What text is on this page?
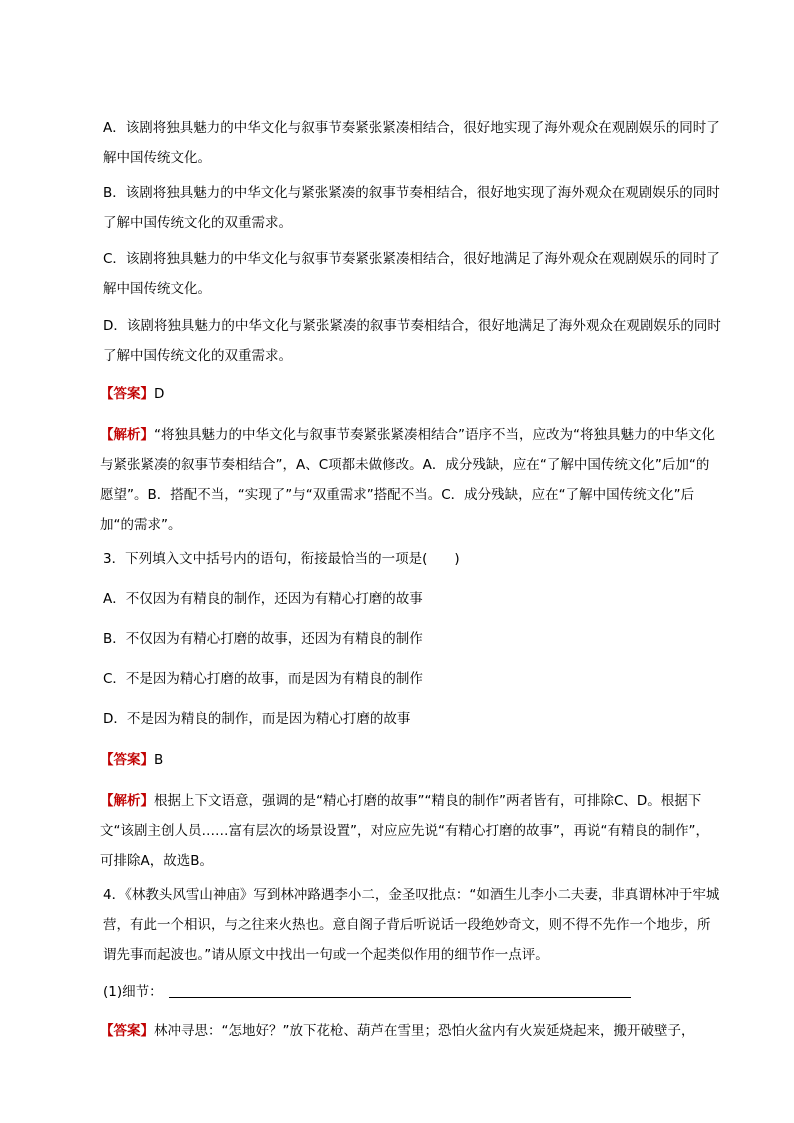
A．该剧将独具魅力的中华文化与叙事节奏紧张紧凑相结合，很好地实现了海外观众在观剧娱乐的同时了解中国传统文化。

B．该剧将独具魅力的中华文化与紧张紧凑的叙事节奏相结合，很好地实现了海外观众在观剧娱乐的同时了解中国传统文化的双重需求。

C．该剧将独具魅力的中华文化与叙事节奏紧张紧凑相结合，很好地满足了海外观众在观剧娱乐的同时了解中国传统文化。

D．该剧将独具魅力的中华文化与紧张紧凑的叙事节奏相结合，很好地满足了海外观众在观剧娱乐的同时了解中国传统文化的双重需求。

【答案】D

【解析】“将独具魅力的中华文化与叙事节奏紧张紧凑相结合”语序不当，应改为“将独具魅力的中华文化与紧张紧凑的叙事节奏相结合”，A、C项都未做修改。A．成分残缺，应在“了解中国传统文化”后加“的愿望”。B．搭配不当，“实现了”与“双重需求”搭配不当。C．成分残缺，应在“了解中国传统文化”后加“的需求”。

3．下列填入文中括号内的语句，衔接最恰当的一项是(　　)

A．不仅因为有精良的制作，还因为有精心打磨的故事

B．不仅因为有精心打磨的故事，还因为有精良的制作

C．不是因为精心打磨的故事，而是因为有精良的制作

D．不是因为精良的制作，而是因为精心打磨的故事

【答案】B

【解析】根据上下文语意，强调的是“精心打磨的故事”“精良的制作”两者皆有，可排除C、D。根据下文“该剧主创人员……富有层次的场景设置”，对应应先说“有精心打磨的故事”，再说“有精良的制作”，可排除A，故选B。

4．《林教头风雪山神庙》写到林冲路遇李小二，金圣叹批点：“如酒生儿李小二夫妻，非真谓林冲于牢城营，有此一个相识，与之往来火热也。意自阁子背后听说话一段绝妙奇文，则不得不先作一个地步，所谓先事而起波也。”请从原文中找出一句或一个起类似作用的细节作一点评。

(1)细节：

【答案】林冲寻思：“怎地好？”放下花枪、葫芦在雪里；恐怕火盆内有火炭延烧起来，搬开破壁子，
